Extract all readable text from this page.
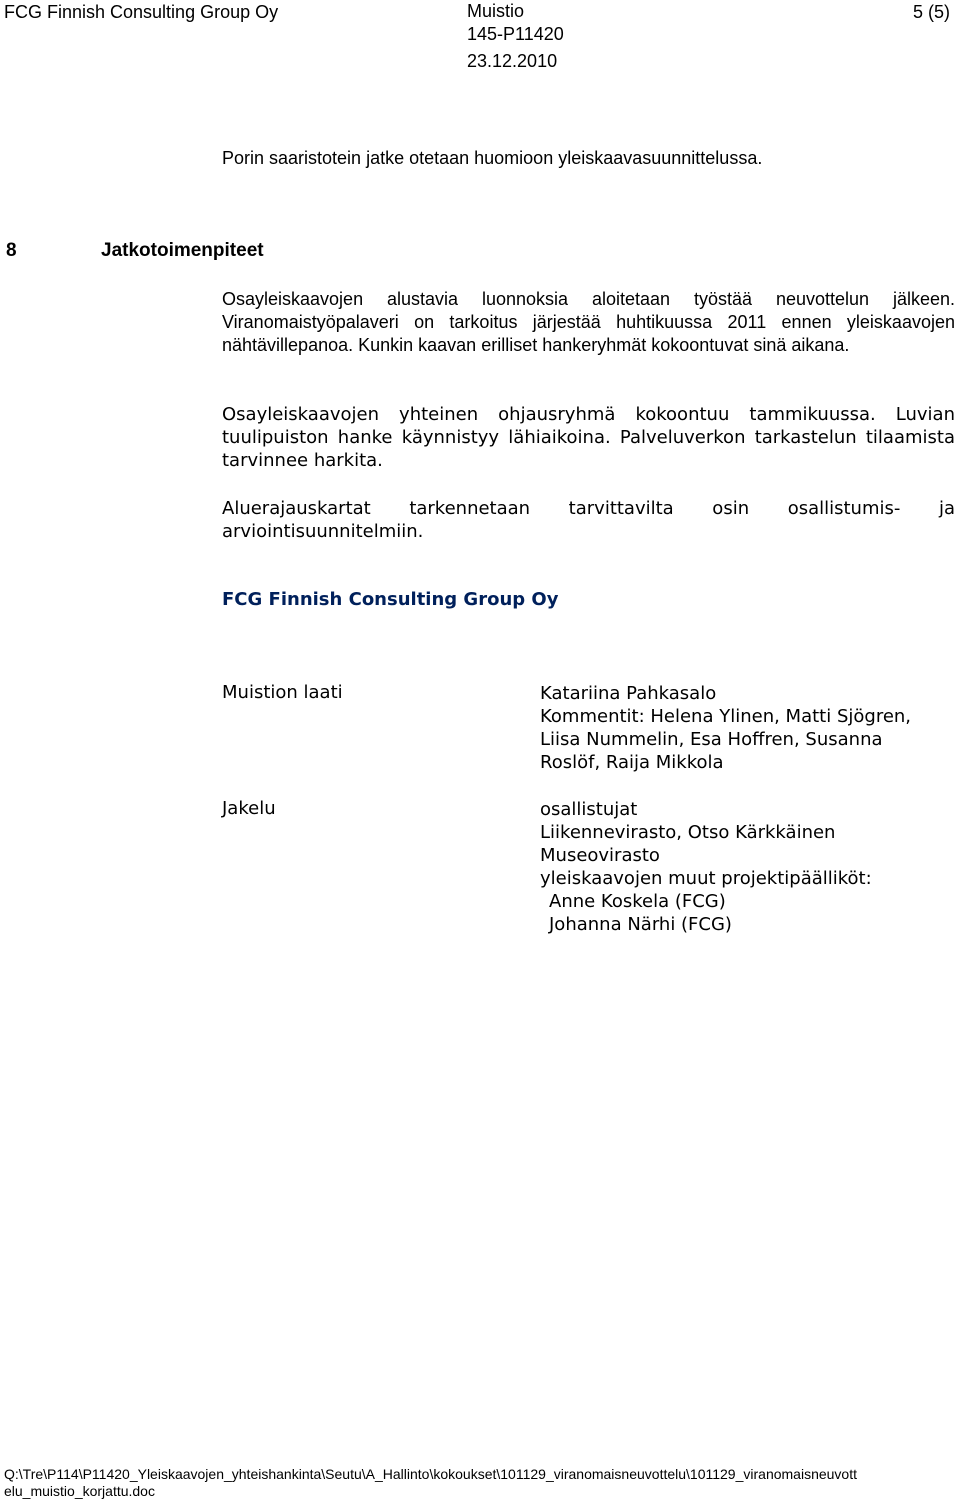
FCG Finnish Consulting Group Oy	Muistio
145-P11420
23.12.2010
5 (5)
Porin saaristotein jatke otetaan huomioon yleiskaavasuunnittelussa.
8	Jatkotoimenpiteet
Osayleiskaavojen alustavia luonnoksia aloitetaan työstää neuvottelun jälkeen. Viranomaistyöpalaveri on tarkoitus järjestää huhtikuussa 2011 ennen yleiskaavojen nähtävillepanoa. Kunkin kaavan erilliset hankeryhmät kokoontuvat sinä aikana.
Osayleiskaavojen yhteinen ohjausryhmä kokoontuu tammikuussa. Luvian tuulipuiston hanke käynnistyy lähiaikoina. Palveluverkon tarkastelun tilaamista tarvinnee harkita.
Aluerajauskartat tarkennetaan tarvittavilta osin osallistumis- ja arviointisuunnitelmiin.
FCG Finnish Consulting Group Oy
Muistion laati	Katariina Pahkasalo
Kommentit: Helena Ylinen, Matti Sjögren,
Liisa Nummelin, Esa Hoffren, Susanna
Roslöf, Raija Mikkola
Jakelu	osallistujat
Liikennevirasto, Otso Kärkkäinen
Museovirasto
yleiskaavojen muut projektipäälliköt:
Anne Koskela (FCG)
Johanna Närhi (FCG)
Q:\Tre\P114\P11420_Yleiskaavojen_yhteishankinta\Seutu\A_Hallinto\kokoukset\101129_viranomaisneuvottelu\101129_viranomaisneuvott
elu_muistio_korjattu.doc
